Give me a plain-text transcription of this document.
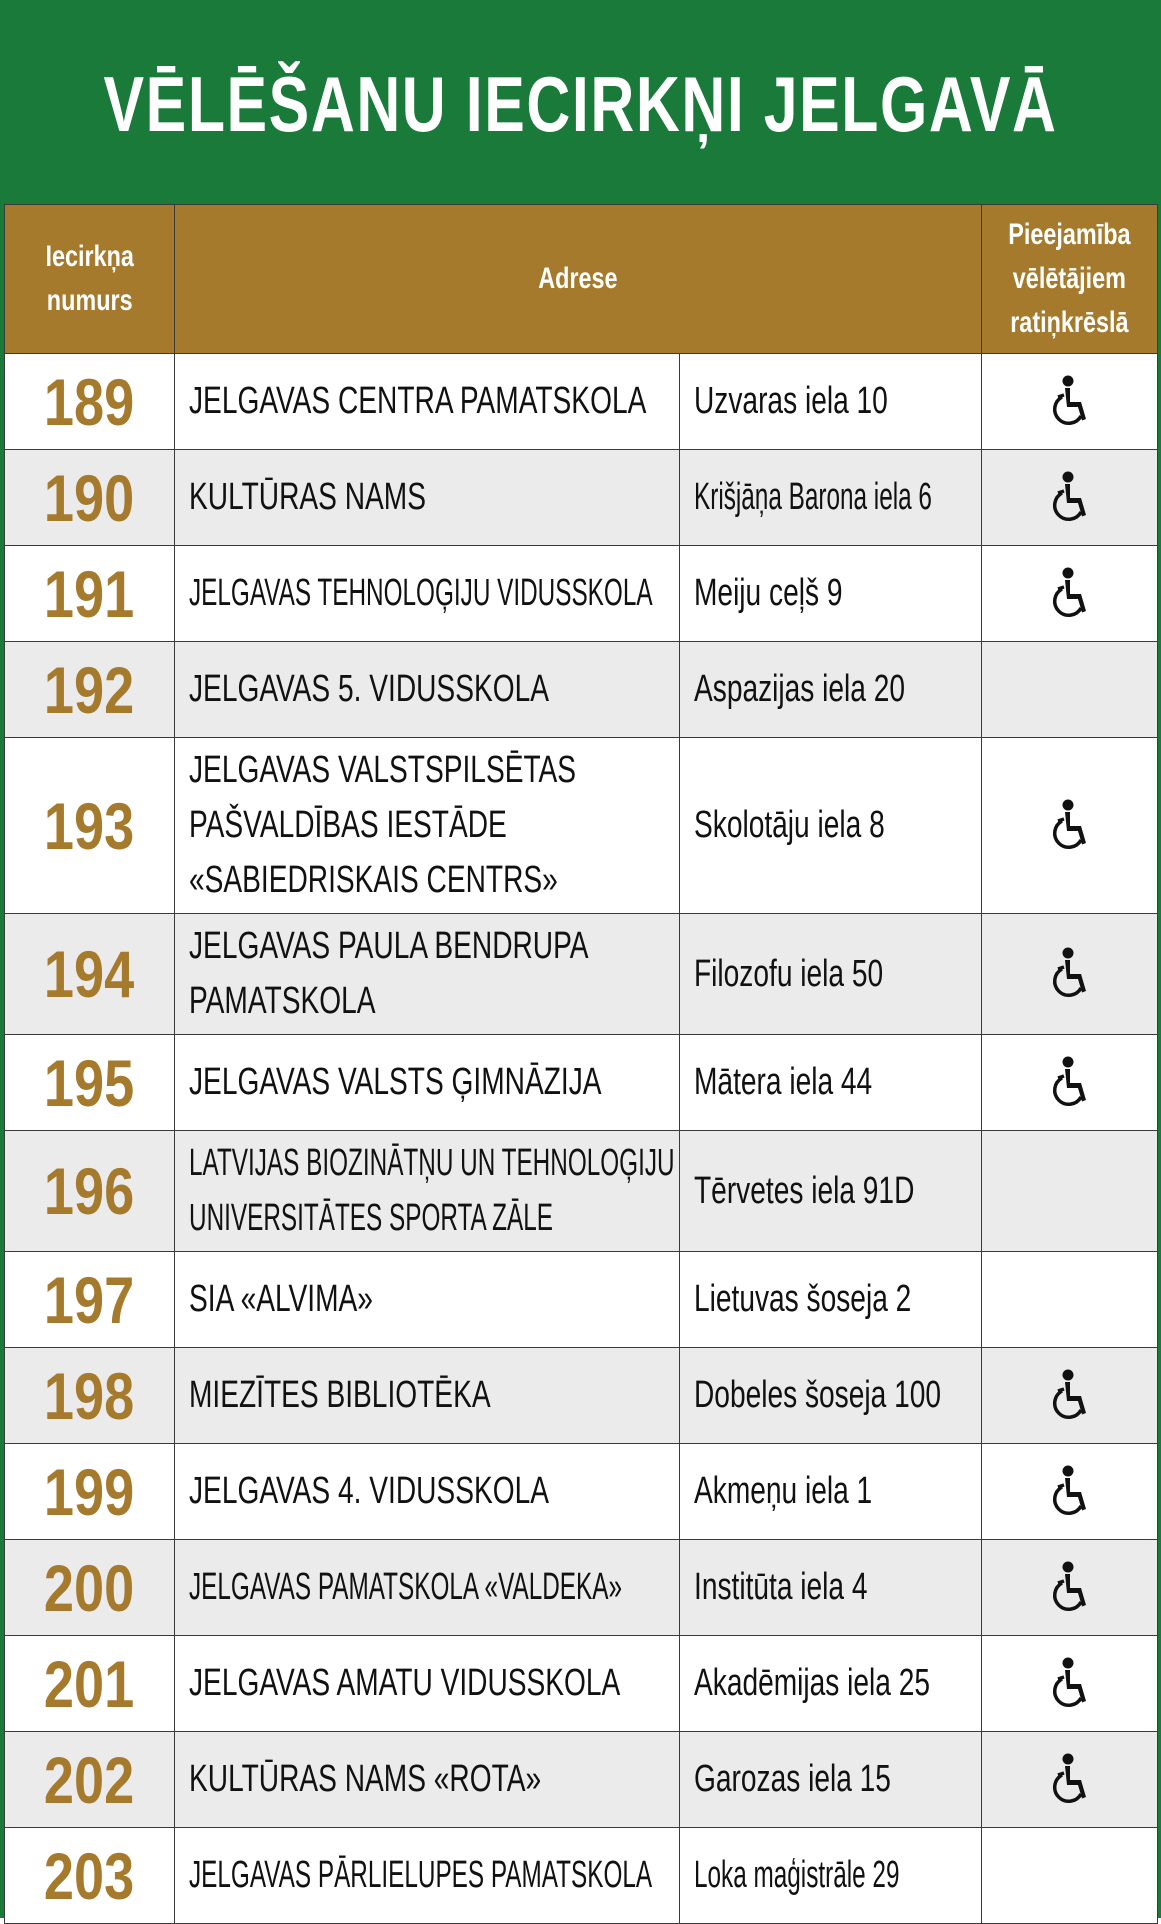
VĒLĒŠANU IECIRKŅI JELGAVĀ
Iecirkņa
numurs	Adrese		Pieejamība
vēlētājiem
ratiņkrēslā
189	JELGAVAS CENTRA PAMATSKOLA	Uzvaras iela 10	
190	KULTŪRAS NAMS	Krišjāņa Barona iela 6	
191	JELGAVAS TEHNOLOĢIJU VIDUSSKOLA	Meiju ceļš 9	
192	JELGAVAS 5. VIDUSSKOLA	Aspazijas iela 20	
193	JELGAVAS VALSTSPILSĒTAS
PAŠVALDĪBAS IESTĀDE
«SABIEDRISKAIS CENTRS»	Skolotāju iela 8	
194	JELGAVAS PAULA BENDRUPA
PAMATSKOLA	Filozofu iela 50	
195	JELGAVAS VALSTS ĢIMNĀZIJA	Mātera iela 44	
196	LATVIJAS BIOZINĀTŅU UN TEHNOLOĢIJU
UNIVERSITĀTES SPORTA ZĀLE	Tērvetes iela 91D	
197	SIA «ALVIMA»	Lietuvas šoseja 2	
198	MIEZĪTES BIBLIOTĒKA	Dobeles šoseja 100	
199	JELGAVAS 4. VIDUSSKOLA	Akmeņu iela 1	
200	JELGAVAS PAMATSKOLA «VALDEKA»	Institūta iela 4	
201	JELGAVAS AMATU VIDUSSKOLA	Akadēmijas iela 25	
202	KULTŪRAS NAMS «ROTA»	Garozas iela 15	
203	JELGAVAS PĀRLIELUPES PAMATSKOLA	Loka maģistrāle 29	
